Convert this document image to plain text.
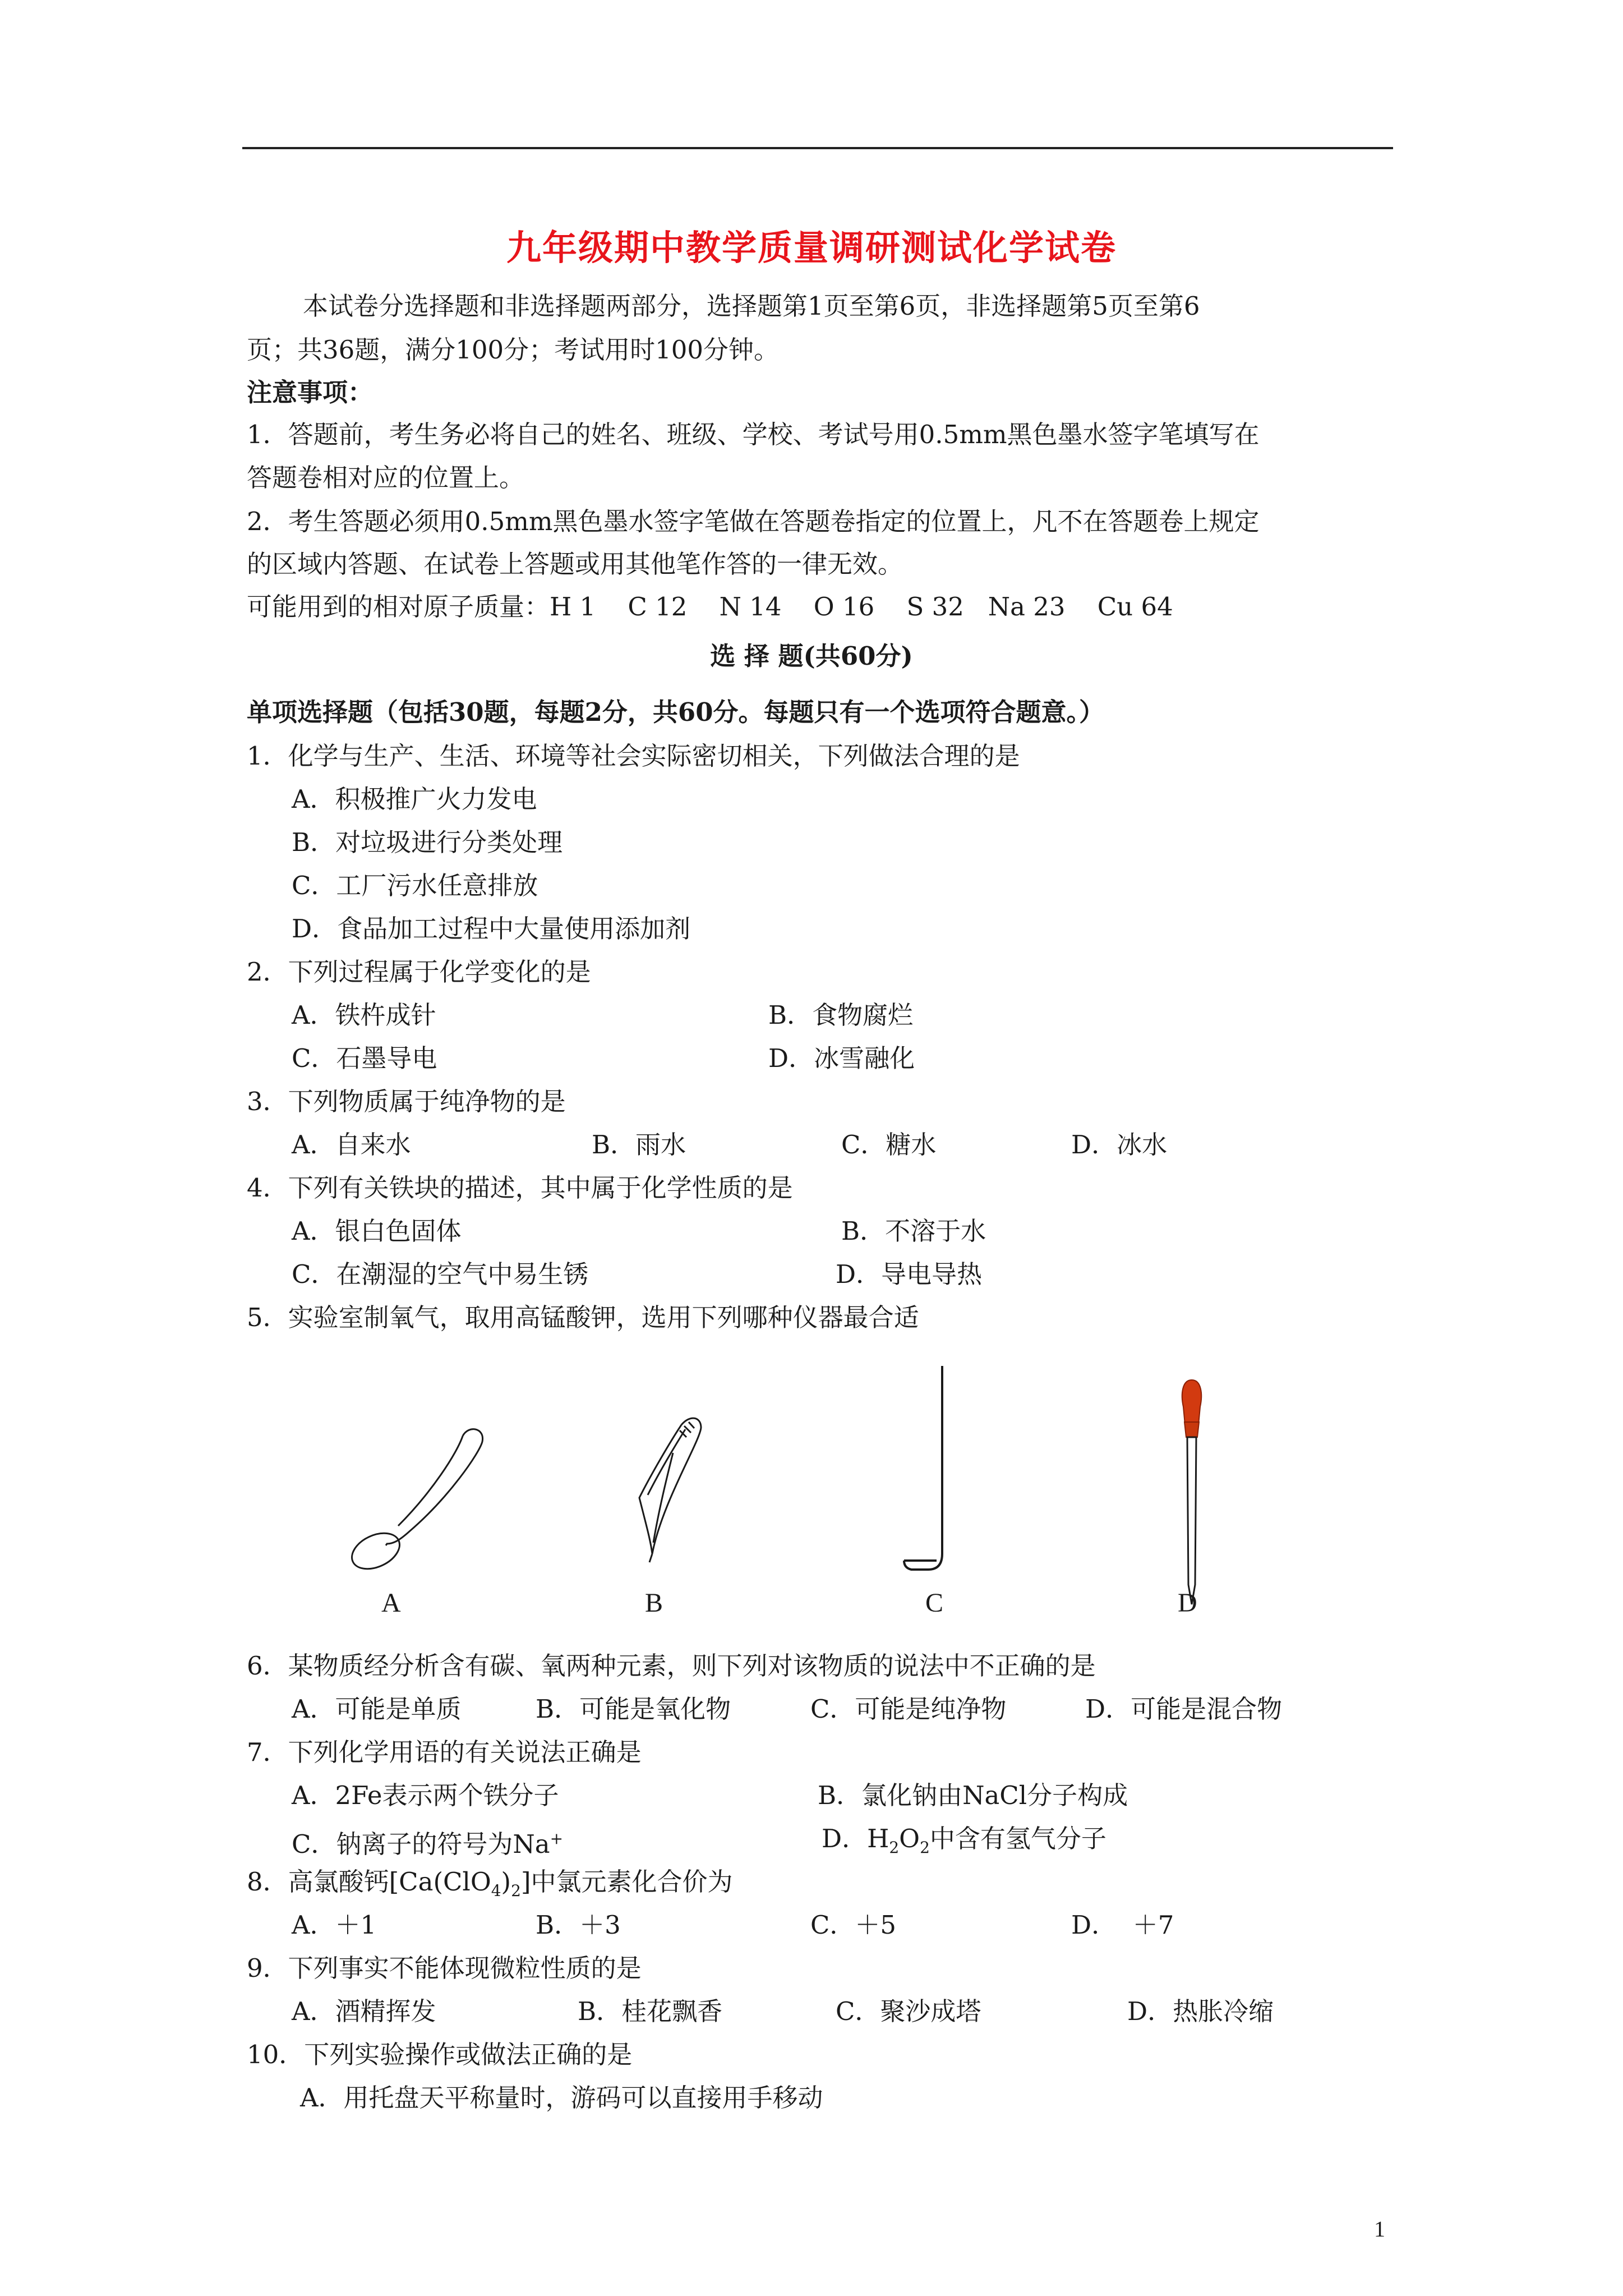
九年级期中教学质量调研测试化学试卷
本试卷分选择题和非选择题两部分，选择题第1页至第6页，非选择题第5页至第6
页；共36题，满分100分；考试用时100分钟。
注意事项：
1．答题前，考生务必将自己的姓名、班级、学校、考试号用0.5mm黑色墨水签字笔填写在
答题卷相对应的位置上。
2．考生答题必须用0.5mm黑色墨水签字笔做在答题卷指定的位置上，凡不在答题卷上规定
的区域内答题、在试卷上答题或用其他笔作答的一律无效。
可能用到的相对原子质量：H 1    C 12    N 14    O 16    S 32   Na 23    Cu 64
选 择 题(共60分)
单项选择题（包括30题，每题2分，共60分。每题只有一个选项符合题意。）
1．化学与生产、生活、环境等社会实际密切相关，下列做法合理的是
A．积极推广火力发电
B．对垃圾进行分类处理
C．工厂污水任意排放
D．食品加工过程中大量使用添加剂
2．下列过程属于化学变化的是
A．铁杵成针	B．食物腐烂
C．石墨导电	D．冰雪融化
3．下列物质属于纯净物的是
A．自来水	B．雨水	C．糖水	D．冰水
4．下列有关铁块的描述，其中属于化学性质的是
A．银白色固体	B．不溶于水
C．在潮湿的空气中易生锈	D．导电导热
5．实验室制氧气，取用高锰酸钾，选用下列哪种仪器最合适
A	B	C	D
6．某物质经分析含有碳、氧两种元素，则下列对该物质的说法中不正确的是
A．可能是单质	B．可能是氧化物	C．可能是纯净物	D．可能是混合物
7．下列化学用语的有关说法正确是
A．2Fe表示两个铁分子	B．氯化钠由NaCl分子构成
C．钠离子的符号为Na+	D．$H_2O_2$中含有氢气分子
8．高氯酸钙$[Ca(ClO_4)_2]$中氯元素化合价为
A．＋1	B．＋3	C．＋5	D．  ＋7
9．下列事实不能体现微粒性质的是
A．酒精挥发	B．桂花飘香	C．聚沙成塔	D．热胀冷缩
10．下列实验操作或做法正确的是
A．用托盘天平称量时，游码可以直接用手移动
1
